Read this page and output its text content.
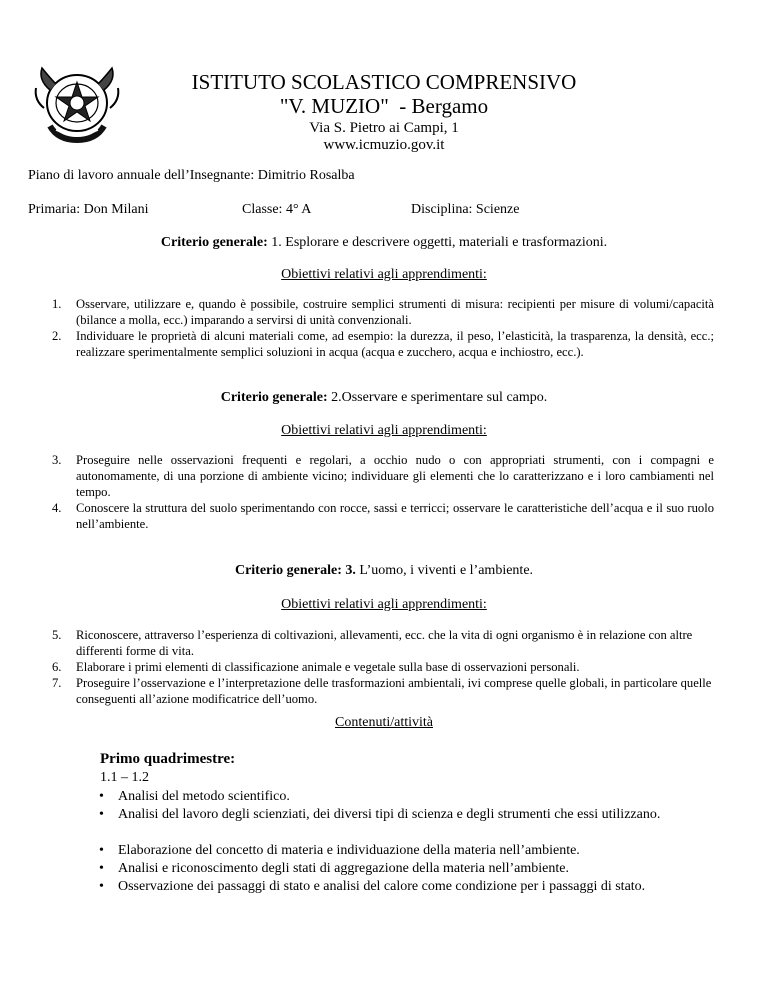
ISTITUTO SCOLASTICO COMPRENSIVO
"V. MUZIO"  - Bergamo
Via S. Pietro ai Campi, 1
www.icmuzio.gov.it
Piano di lavoro annuale dell’Insegnante: Dimitrio Rosalba
Primaria: Don Milani	Classe: 4° A	Disciplina: Scienze
Criterio generale: 1. Esplorare e descrivere oggetti, materiali e trasformazioni.
Obiettivi relativi agli apprendimenti:
1. Osservare, utilizzare e, quando è possibile, costruire semplici strumenti di misura: recipienti per misure di volumi/capacità (bilance a molla, ecc.) imparando a servirsi di unità convenzionali.
2. Individuare le proprietà di alcuni materiali come, ad esempio: la durezza, il peso, l’elasticità, la trasparenza, la densità, ecc.; realizzare sperimentalmente semplici soluzioni in acqua (acqua e zucchero, acqua e inchiostro, ecc.).
Criterio generale: 2.Osservare e sperimentare sul campo.
Obiettivi relativi agli apprendimenti:
3. Proseguire nelle osservazioni frequenti e regolari, a occhio nudo o con appropriati strumenti, con i compagni e autonomamente, di una porzione di ambiente vicino; individuare gli elementi che lo caratterizzano e i loro cambiamenti nel tempo.
4. Conoscere la struttura del suolo sperimentando con rocce, sassi e terricci; osservare le caratteristiche dell’acqua e il suo ruolo nell’ambiente.
Criterio generale: 3. L’uomo, i viventi e l’ambiente.
Obiettivi relativi agli apprendimenti:
5. Riconoscere, attraverso l’esperienza di coltivazioni, allevamenti, ecc. che la vita di ogni organismo è in relazione con altre differenti forme di vita.
6. Elaborare i primi elementi di classificazione animale e vegetale sulla base di osservazioni personali.
7. Proseguire l’osservazione e l’interpretazione delle trasformazioni ambientali, ivi comprese quelle globali, in particolare quelle conseguenti all’azione modificatrice dell’uomo.
Contenuti/attività
Primo quadrimestre:
1.1 – 1.2
• Analisi del metodo scientifico.
• Analisi del lavoro degli scienziati, dei diversi tipi di scienza e degli strumenti che essi utilizzano.
• Elaborazione del concetto di materia e individuazione della materia nell’ambiente.
• Analisi e riconoscimento degli stati di aggregazione della materia nell’ambiente.
• Osservazione dei passaggi di stato e analisi del calore come condizione per i passaggi di stato.
